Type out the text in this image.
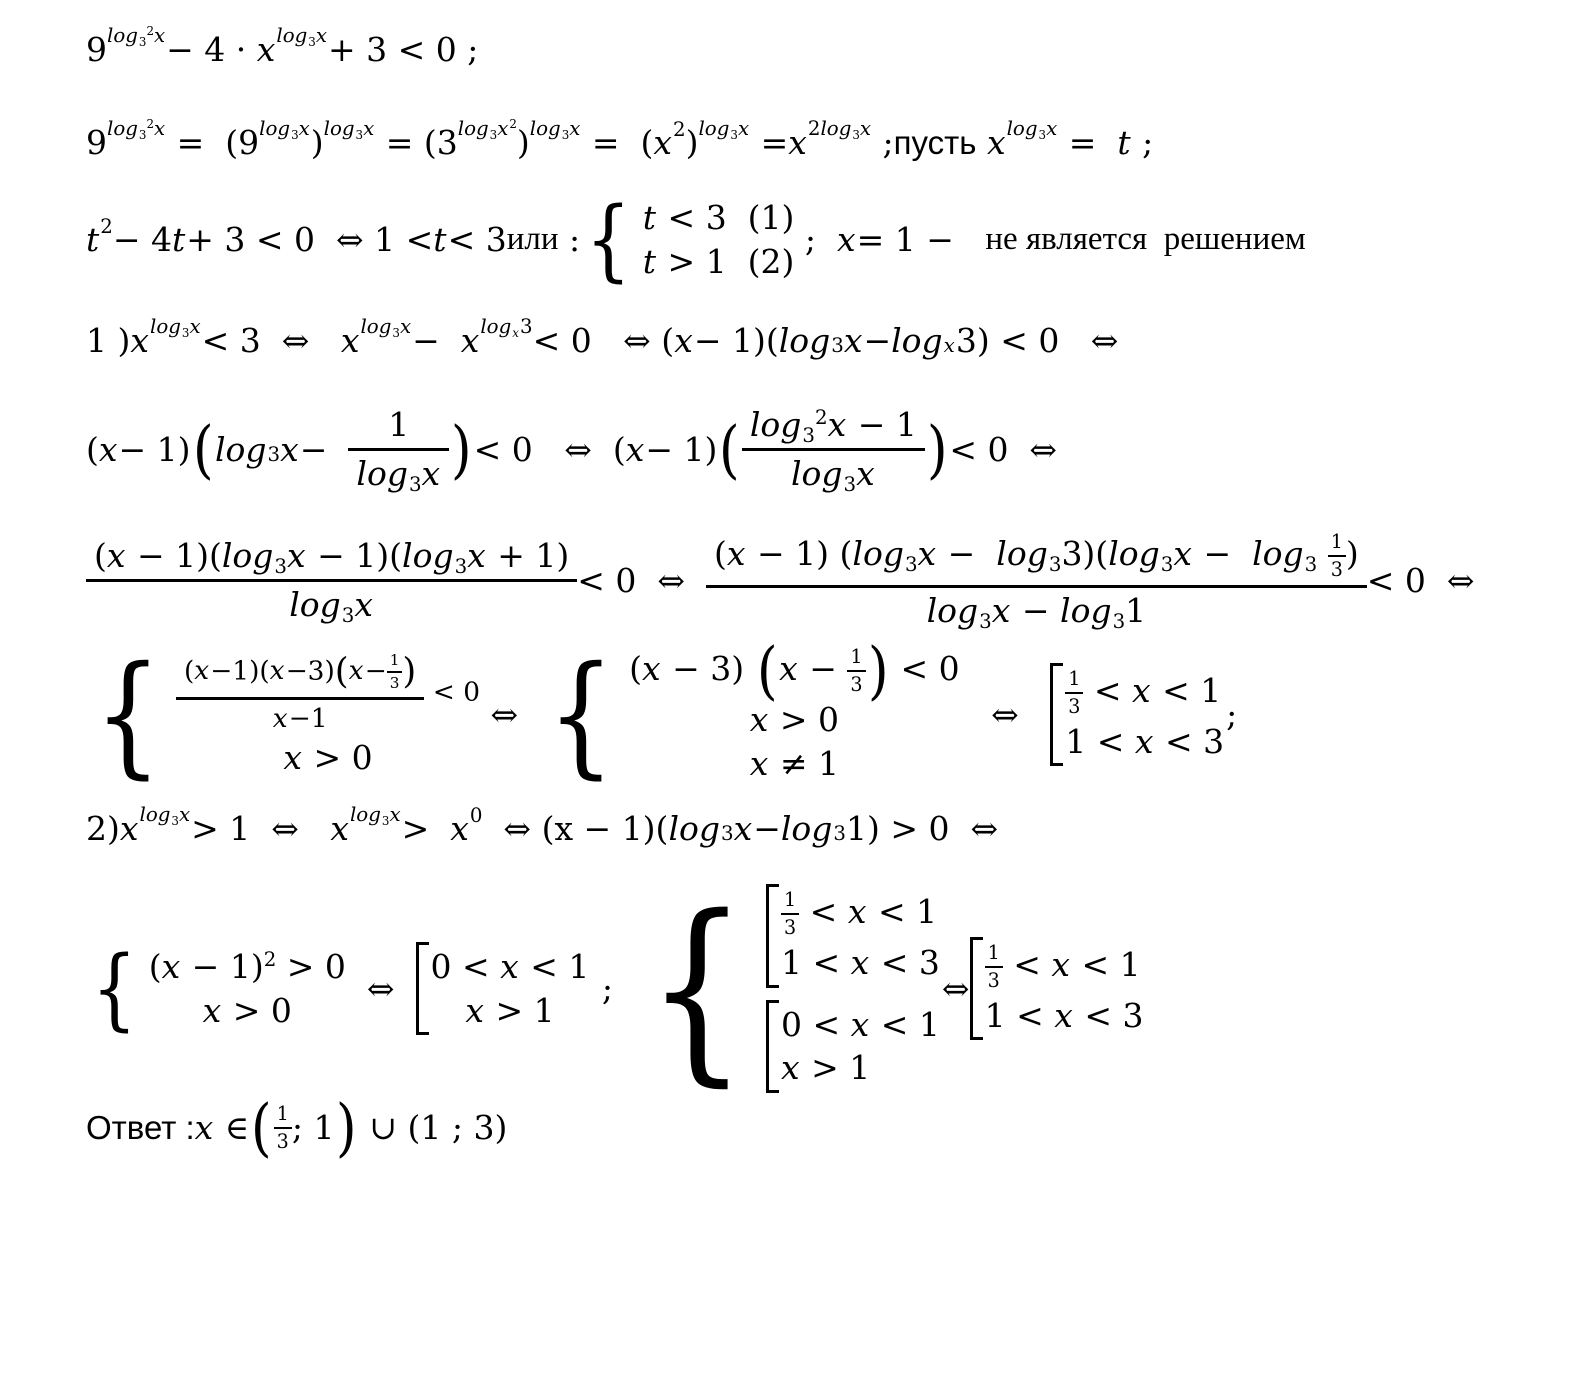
9 $^{log_3^2x}$ − 4 · x $^{log_3x}$ + 3 < 0 ;
9 $^{log_3^2x}$ =  (9 $^{log_3x}$ ) $^{log_3x}$ = (3 $^{log_3x^2}$ ) $^{log_3x}$ =  ( $x^2$ ) $^{log_3x} = x^{2log_3x}$ ; пусть
x $^{log_3x}$ = t ;
$t^2 - 4$ t + 3 < 0  ⇔ 1 < t < 3 или : { t < 3  (1)
t > 1  (2)
; x = 1 − не является  решением
1 ) x $^{log_3x}$ < 3  ⇔ x $^{log_3x}$ − x $^{log_x3}$ < 0   ⇔ ( x − 1)( $\log_3 x - \log _x$ 3) < 0   ⇔
( x − 1) ( $\log_3 x$ −
1
$\log_3x$ ) < 0   ⇔  ( x − 1) ( $\log_3^2x - 1$
$\log_3x$ ) < 0  ⇔
$(x - 1)(\log_3x - 1)(\log_3x + 1)$
$\log_3x$
< 0  ⇔
(x − 1) $(\log_3x - \log_33)(\log_3x - \log_3 \frac{1}{3}$ )
$\log_3x - \log_31$
< 0  ⇔
{ $\frac{(x-1)(x-3)(x- \frac{1}{3} )}{x-1} < 0$
x > 0
⇔ { (x − 3) ($x - \frac{1}{3}$ ) < 0
x > 0
x ≠ 1
⇔ $\frac{1}{3} < x < 1$
1 < x < 3
;
2) x $^{log_3x}$ > 1  ⇔ x $^{log_3x} > x^0$ ⇔ (x − 1)( $\log_3 x - \log_3 1) > 0$  ⇔
{ $(x - 1)^2 > 0$
x > 0
⇔
0 < x < 1
x > 1
; { $\frac{1}{3} < x < 1$
1 < x < 3
0 < x < 1
x > 1
⇔ $\frac{1}{3} < x < 1$
1 < x < 3
Ответ : x ∈ ( 1
3 ; 1 ) ∪ (1 ; 3)
